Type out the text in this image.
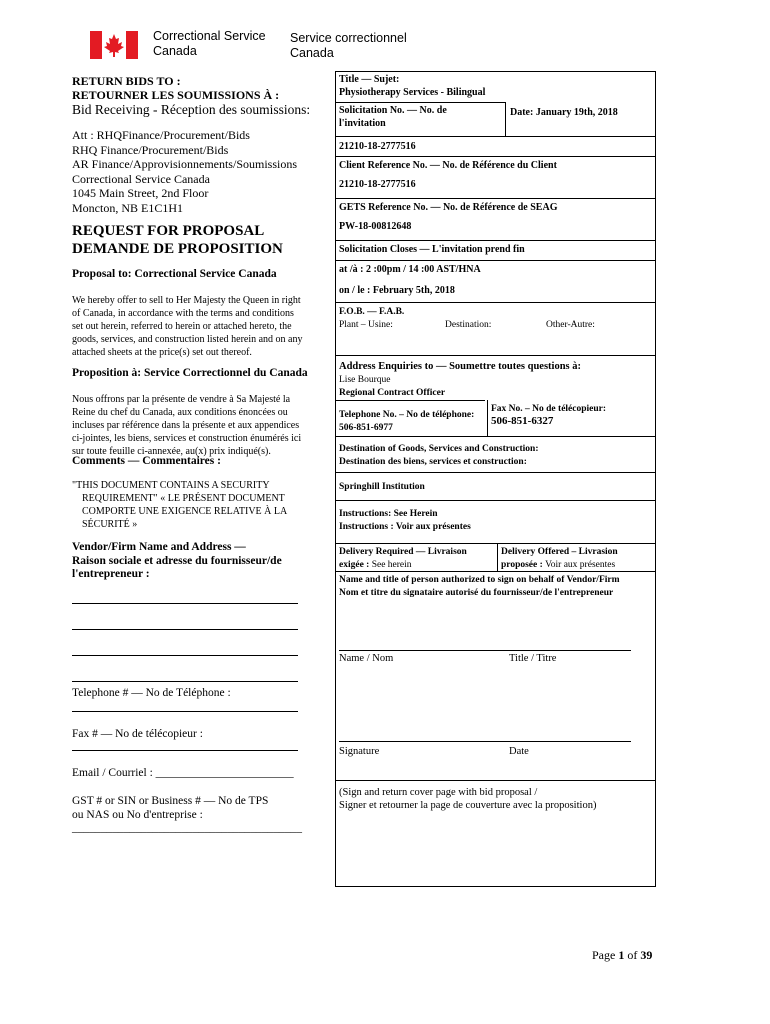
Correctional Service
Canada
Service correctionnel
Canada
RETURN BIDS TO :
RETOURNER LES SOUMISSIONS À :
Bid Receiving - Réception des soumissions:
Att : RHQFinance/Procurement/Bids
RHQ Finance/Procurement/Bids
AR Finance/Approvisionnements/Soumissions
Correctional Service Canada
1045 Main Street, 2nd Floor
Moncton, NB E1C1H1
REQUEST FOR PROPOSAL
DEMANDE DE PROPOSITION
Proposal to: Correctional Service Canada
We hereby offer to sell to Her Majesty the Queen in right
of Canada, in accordance with the terms and conditions
set out herein, referred to herein or attached hereto, the
goods, services, and construction listed herein and on any
attached sheets at the price(s) set out thereof.
Proposition à: Service Correctionnel du Canada
Nous offrons par la présente de vendre à Sa Majesté la
Reine du chef du Canada, aux conditions énoncées ou
incluses par référence dans la présente et aux appendices
ci-jointes, les biens, services et construction énumérés ici
sur toute feuille ci-annexée, au(x) prix indiqué(s).
Comments — Commentaires :
"THIS DOCUMENT CONTAINS A SECURITY
REQUIREMENT" « LE PRÉSENT DOCUMENT
COMPORTE UNE EXIGENCE RELATIVE À LA
SÉCURITÉ »
Vendor/Firm Name and Address —
Raison sociale et adresse du fournisseur/de
l'entrepreneur :
Telephone # — No de Téléphone :
Fax # — No de télécopieur :
Email / Courriel : ________________________
GST # or SIN or Business # — No de TPS
ou NAS ou No d'entreprise :
________________________________________
Title — Sujet:
Physiotherapy Services - Bilingual
Solicitation No. — No. de
l'invitation
Date: January 19th, 2018
21210-18-2777516
Client Reference No. — No. de Référence du Client
21210-18-2777516
GETS Reference No. — No. de Référence de SEAG
PW-18-00812648
Solicitation Closes — L'invitation prend fin
at /à : 2 :00pm / 14 :00 AST/HNA
on / le : February 5th, 2018
F.O.B. — F.A.B.
Plant – Usine:	Destination:	Other-Autre:
Address Enquiries to — Soumettre toutes questions à:
Lise Bourque
Regional Contract Officer
Telephone No. – No de téléphone:
506-851-6977
Fax No. – No de télécopieur:
506-851-6327
Destination of Goods, Services and Construction:
Destination des biens, services et construction:
Springhill Institution
Instructions: See Herein
Instructions : Voir aux présentes
Delivery Required — Livraison
exigée : See herein
Delivery Offered – Livrasion
proposée : Voir aux présentes
Name and title of person authorized to sign on behalf of Vendor/Firm
Nom et titre du signataire autorisé du fournisseur/de l'entrepreneur
Name / Nom	Title / Titre
Signature	Date
(Sign and return cover page with bid proposal /
Signer et retourner la page de couverture avec la proposition)
Page 1 of 39
